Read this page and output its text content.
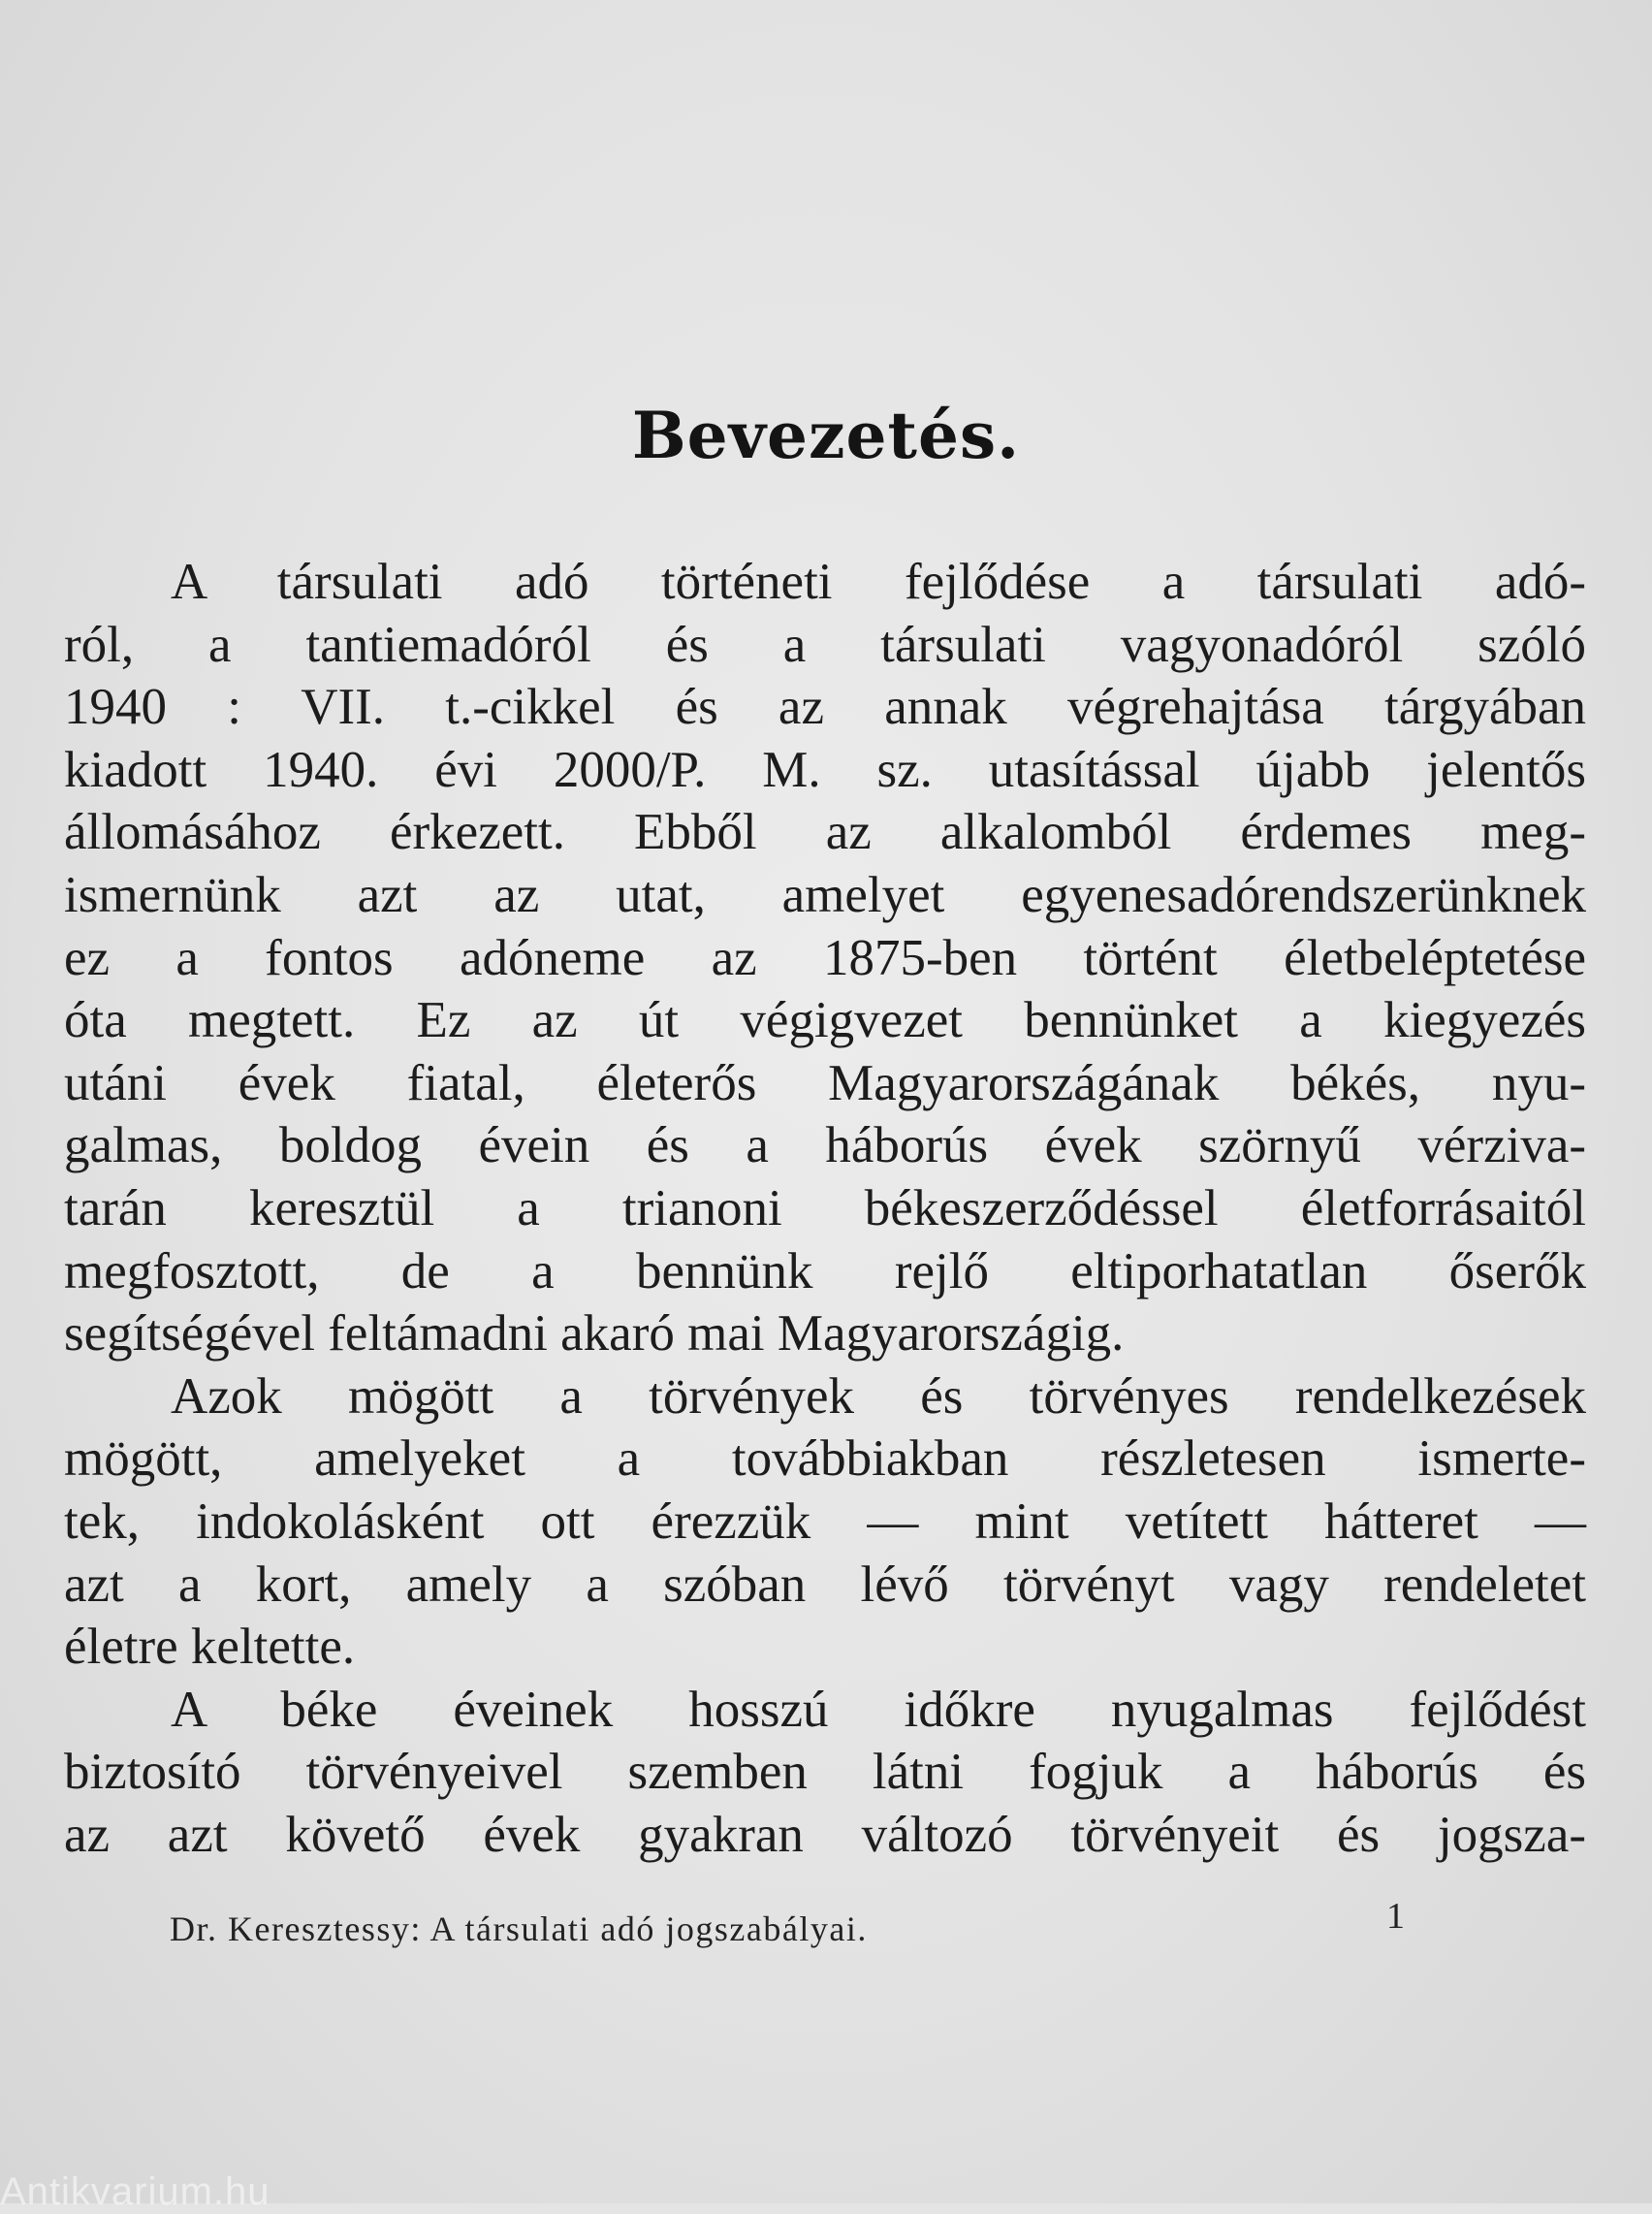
Bevezetés.
A társulati adó történeti fejlődése a társulati adó-
ról, a tantiemadóról és a társulati vagyonadóról szóló
1940 : VII. t.-cikkel és az annak végrehajtása tárgyában
kiadott 1940. évi 2000/P. M. sz. utasítással újabb jelentős
állomásához érkezett. Ebből az alkalomból érdemes meg-
ismernünk azt az utat, amelyet egyenesadórendszerünknek
ez a fontos adóneme az 1875-ben történt életbeléptetése
óta megtett. Ez az út végigvezet bennünket a kiegyezés
utáni évek fiatal, életerős Magyarországának békés, nyu-
galmas, boldog évein és a háborús évek szörnyű vérziva-
tarán keresztül a trianoni békeszerződéssel életforrásaitól
megfosztott, de a bennünk rejlő eltiporhatatlan őserők
segítségével feltámadni akaró mai Magyarországig.
Azok mögött a törvények és törvényes rendelkezések
mögött, amelyeket a továbbiakban részletesen ismerte-
tek, indokolásként ott érezzük — mint vetített hátteret —
azt a kort, amely a szóban lévő törvényt vagy rendeletet
életre keltette.
A béke éveinek hosszú időkre nyugalmas fejlődést
biztosító törvényeivel szemben látni fogjuk a háborús és
az azt követő évek gyakran változó törvényeit és jogsza-
Dr. Keresztessy: A társulati adó jogszabályai.	1
Antikvarium.hu
